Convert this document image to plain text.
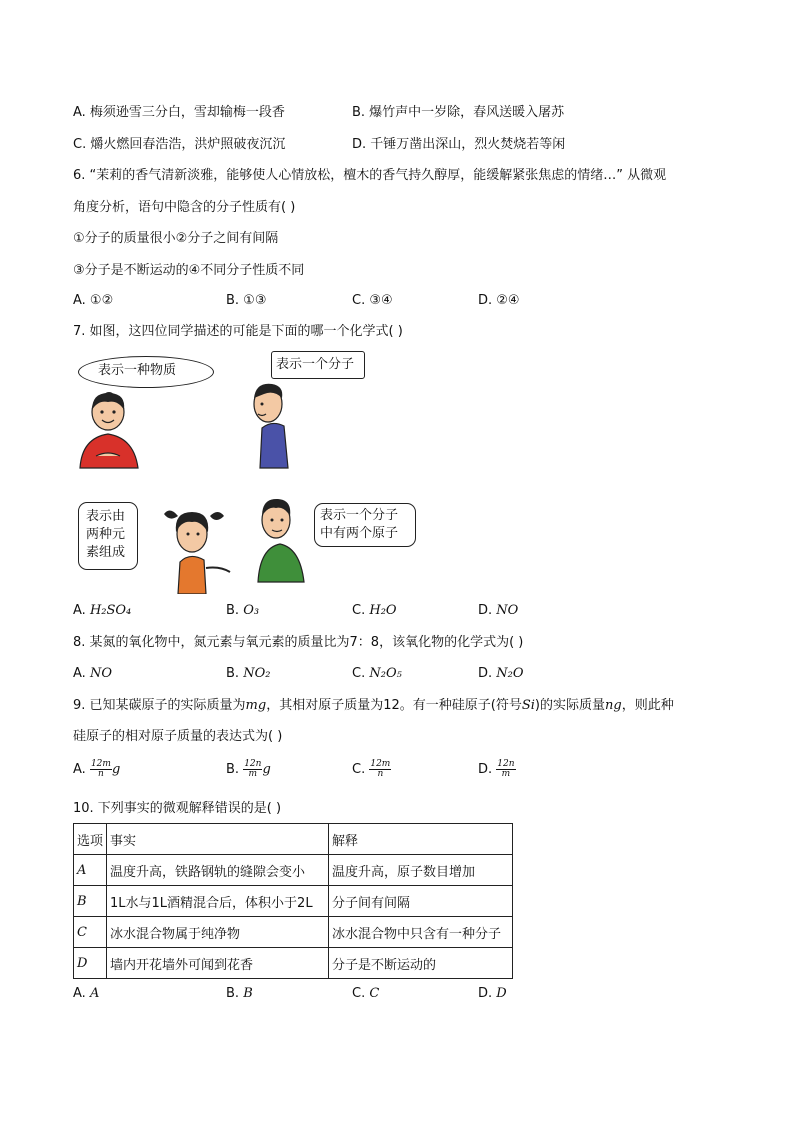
A. 梅须逊雪三分白，雪却输梅一段香	B. 爆竹声中一岁除，春风送暖入屠苏
C. 爝火燃回春浩浩，洪炉照破夜沉沉	D. 千锤万凿出深山，烈火焚烧若等闲
6. “茉莉的香气清新淡雅，能够使人心情放松，檀木的香气持久醇厚，能缓解紧张焦虑的情绪…” 从微观
角度分析，语句中隐含的分子性质有( )
①分子的质量很小②分子之间有间隔
③分子是不断运动的④不同分子性质不同
A. ①②	B. ①③	C. ③④	D. ②④
7. 如图，这四位同学描述的可能是下面的哪一个化学式( )
表示一种物质	表示一个分子
表示由
两种元
素组成
表示一个分子
中有两个原子
A. H₂SO₄	B. O₃	C. H₂O	D. NO
8. 某氮的氧化物中，氮元素与氧元素的质量比为7：8，该氧化物的化学式为( )
A. NO	B. NO₂	C. N₂O₅	D. N₂O
9. 已知某碳原子的实际质量为mg，其相对原子质量为12。有一种硅原子(符号Si)的实际质量ng，则此种
硅原子的相对原子质量的表达式为( )
A. $\frac{12m}{n}$ g	B. $\frac{12n}{m}$ g	C. $\frac{12m}{n}$	D. $\frac{12n}{m}$
10. 下列事实的微观解释错误的是( )
选项	事实	解释
A	温度升高，铁路钢轨的缝隙会变小	温度升高，原子数目增加
B	1L水与1L酒精混合后，体积小于2L	分子间有间隔
C	冰水混合物属于纯净物	冰水混合物中只含有一种分子
D	墙内开花墙外可闻到花香	分子是不断运动的
A. A	B. B	C. C	D. D
